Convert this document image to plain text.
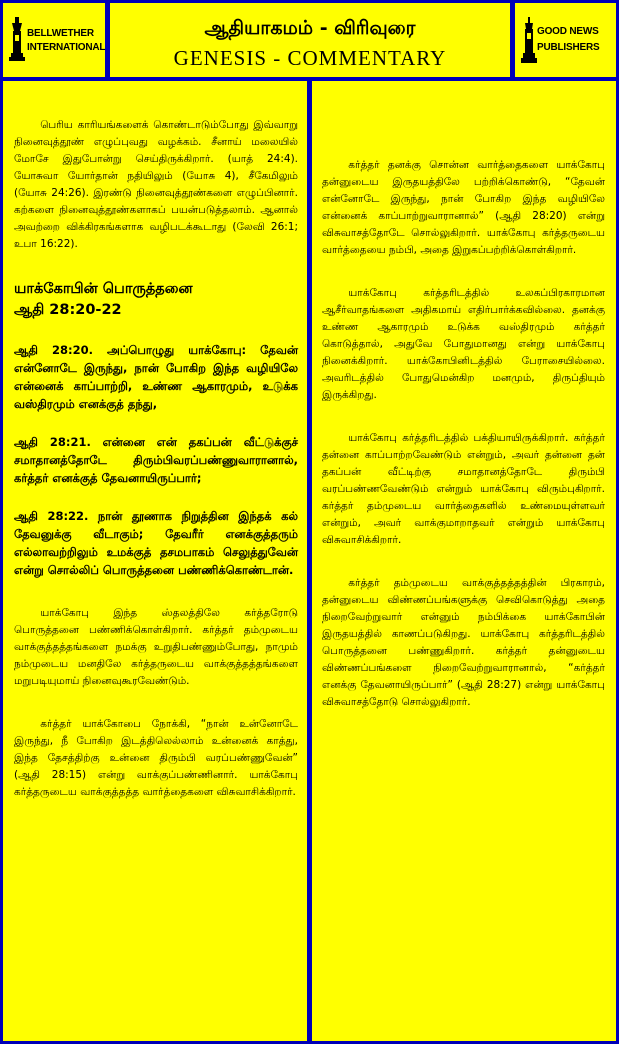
BELLWETHER
INTERNATIONAL
ஆதியாகமம் - விரிவுரை
GENESIS - COMMENTARY
GOOD NEWS
PUBLISHERS

பெரிய காரியங்களைக் கொண்டாடும்போது இவ்வாறு நினைவுத்தூண் எழுப்புவது வழக்கம். சீனாய் மலையில் மோசே இதுபோன்று செய்திருக்கிறார். (யாத் 24:4). யோசுவா யோர்தான் நதியிலும் (யோசு 4), சீகேமிலும் (யோசு 24:26). இரண்டு நினைவுத்தூண்களை எழுப்பினார். கற்களை நினைவுத்தூண்களாகப் பயன்படுத்தலாம். ஆனால் அவற்றை விக்கிரகங்களாக வழிபடக்கூடாது (லேவி 26:1; உபா 16:22).

யாக்கோபின் பொருத்தனை
ஆதி 28:20-22

ஆதி 28:20. அப்பொழுது யாக்கோபு: தேவன் என்னோடே இருந்து, நான் போகிற இந்த வழியிலே என்னைக் காப்பாற்றி, உண்ண ஆகாரமும், உடுக்க வஸ்திரமும் எனக்குத் தந்து,

ஆதி 28:21. என்னை என் தகப்பன் வீட்டுக்குச் சமாதானத்தோடே திரும்பிவரப்பண்ணுவாரானால், கர்த்தர் எனக்குத் தேவனாயிருப்பார்;

ஆதி 28:22. நான் தூணாக நிறுத்தின இந்தக் கல் தேவனுக்கு வீடாகும்; தேவரீர் எனக்குத்தரும் எல்லாவற்றிலும் உமக்குத் தசமபாகம் செலுத்துவேன் என்று சொல்லிப் பொருத்தனை பண்ணிக்கொண்டான்.

யாக்கோபு இந்த ஸ்தலத்திலே கர்த்தரோடு பொருத்தனை பண்ணிக்கொள்கிறார். கர்த்தர் தம்முடைய வாக்குத்தத்தங்களை நமக்கு உறுதிபண்ணும்போது, நாமும் நம்முடைய மனதிலே கர்த்தருடைய வாக்குத்தத்தங்களை மறுபடியுமாய் நினைவுகூரவேண்டும்.

கர்த்தர் யாக்கோபை நோக்கி, “நான் உன்னோடே இருந்து, நீ போகிற இடத்திலெல்லாம் உன்னைக் காத்து, இந்த தேசத்திற்கு உன்னை திரும்பி வரப்பண்ணுவேன்” (ஆதி 28:15) என்று வாக்குப்பண்ணினார். யாக்கோபு கர்த்தருடைய வாக்குத்தத்த வார்த்தைகளை விசுவாசிக்கிறார்.

கர்த்தர் தனக்கு சொன்ன வார்த்தைகளை யாக்கோபு தன்னுடைய இருதயத்திலே பற்றிக்கொண்டு, “தேவன் என்னோடே இருந்து, நான் போகிற இந்த வழியிலே என்னைக் காப்பாற்றுவாரானால்” (ஆதி 28:20) என்று விசுவாசத்தோடே சொல்லுகிறார். யாக்கோபு கர்த்தருடைய வார்த்தையை நம்பி, அதை இறுகப்பற்றிக்கொள்கிறார்.

யாக்கோபு கர்த்தரிடத்தில் உலகப்பிரகாரமான ஆசீர்வாதங்களை அதிகமாய் எதிர்பார்க்கவில்லை. தனக்கு உண்ண ஆகாரமும் உடுக்க வஸ்திரமும் கர்த்தர் கொடுத்தால், அதுவே போதுமானது என்று யாக்கோபு நினைக்கிறார். யாக்கோபினிடத்தில் பேராசையில்லை. அவரிடத்தில் போதுமென்கிற மனமும், திருப்தியும் இருக்கிறது.

யாக்கோபு கர்த்தரிடத்தில் பக்தியாயிருக்கிறார். கர்த்தர் தன்னை காப்பாற்றவேண்டும் என்றும், அவர் தன்னை தன் தகப்பன் வீட்டிற்கு சமாதானத்தோடே திரும்பி வரப்பண்ணவேண்டும் என்றும் யாக்கோபு விரும்புகிறார். கர்த்தர் தம்முடைய வார்த்தைகளில் உண்மையுள்ளவர் என்றும், அவர் வாக்குமாறாதவர் என்றும் யாக்கோபு விசுவாசிக்கிறார்.

கர்த்தர் தம்முடைய வாக்குத்தத்தத்தின் பிரகாரம், தன்னுடைய விண்ணப்பங்களுக்கு செவிகொடுத்து அதை நிறைவேற்றுவார் என்னும் நம்பிக்கை யாக்கோபின் இருதயத்தில் காணப்படுகிறது. யாக்கோபு கர்த்தரிடத்தில் பொருத்தனை பண்ணுகிறார். கர்த்தர் தன்னுடைய விண்ணப்பங்களை நிறைவேற்றுவாரானால், “கர்த்தர் எனக்கு தேவனாயிருப்பார்” (ஆதி 28:27) என்று யாக்கோபு விசுவாசத்தோடு சொல்லுகிறார்.
